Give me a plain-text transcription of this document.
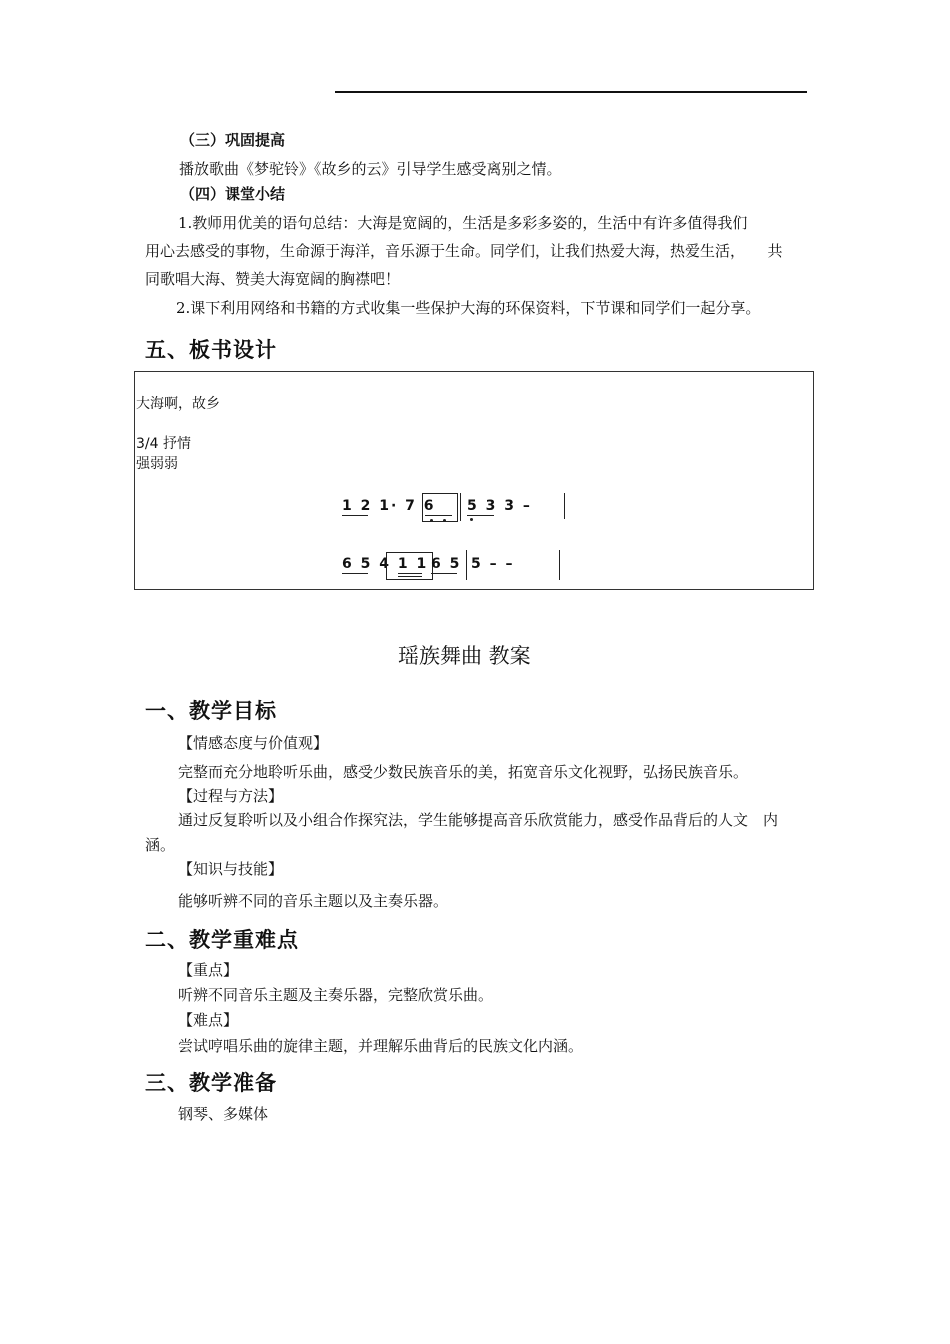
（三）巩固提高
播放歌曲《梦驼铃》《故乡的云》引导学生感受离别之情。
（四）课堂小结
1.教师用优美的语句总结：大海是宽阔的，生活是多彩多姿的，生活中有许多值得我们
用心去感受的事物，生命源于海洋，音乐源于生命。同学们，让我们热爱大海，热爱生活，　　共
同歌唱大海、赞美大海宽阔的胸襟吧！
2.课下利用网络和书籍的方式收集一些保护大海的环保资料，下节课和同学们一起分享。
五、板书设计
大海啊，故乡
3/4 抒情
强弱弱
1 2 1· 7 6 5 3 3 –
6 5 4 1 1 6 5 5 – –
瑶族舞曲 教案
一、教学目标
【情感态度与价值观】
完整而充分地聆听乐曲，感受少数民族音乐的美，拓宽音乐文化视野，弘扬民族音乐。
【过程与方法】
通过反复聆听以及小组合作探究法，学生能够提高音乐欣赏能力，感受作品背后的人文　内
涵。
【知识与技能】
能够听辨不同的音乐主题以及主奏乐器。
二、教学重难点
【重点】
听辨不同音乐主题及主奏乐器，完整欣赏乐曲。
【难点】
尝试哼唱乐曲的旋律主题，并理解乐曲背后的民族文化内涵。
三、教学准备
钢琴、多媒体
